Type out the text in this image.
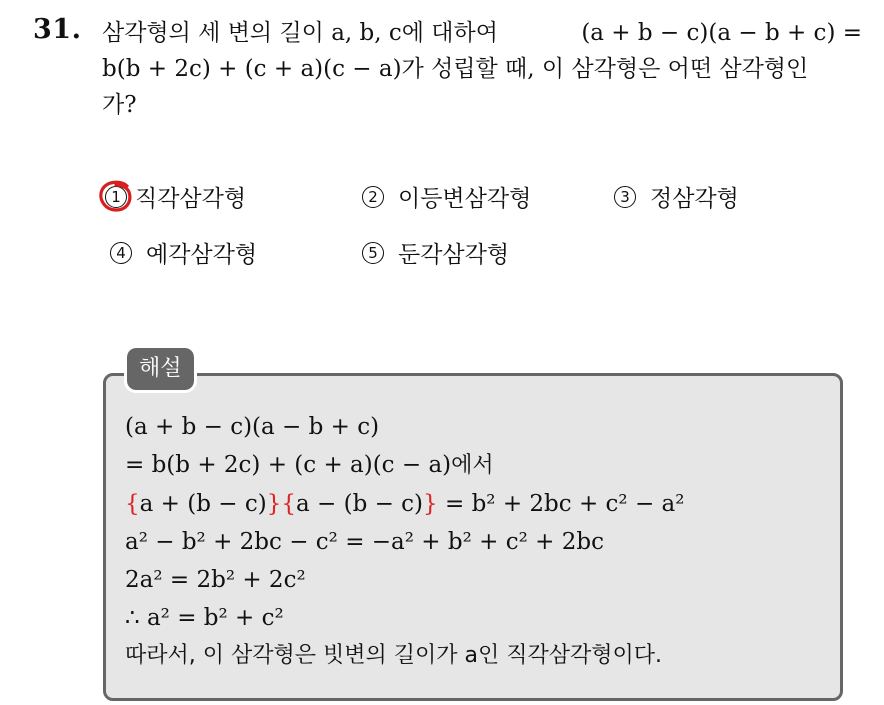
31. 삼각형의 세 변의 길이 a, b, c에 대하여	(a + b − c)(a − b + c) =
b(b + 2c) + (c + a)(c − a)가 성립할 때, 이 삼각형은 어떤 삼각형인
가?
1 직각삼각형	2 이등변삼각형	3 정삼각형
4 예각삼각형	5 둔각삼각형
해설
(a + b − c)(a − b + c)
= b(b + 2c) + (c + a)(c − a)에서
{a + (b − c)}{a − (b − c)} = b² + 2bc + c² − a²
a² − b² + 2bc − c² = −a² + b² + c² + 2bc
2a² = 2b² + 2c²
∴ a² = b² + c²
따라서, 이 삼각형은 빗변의 길이가 a인 직각삼각형이다.
